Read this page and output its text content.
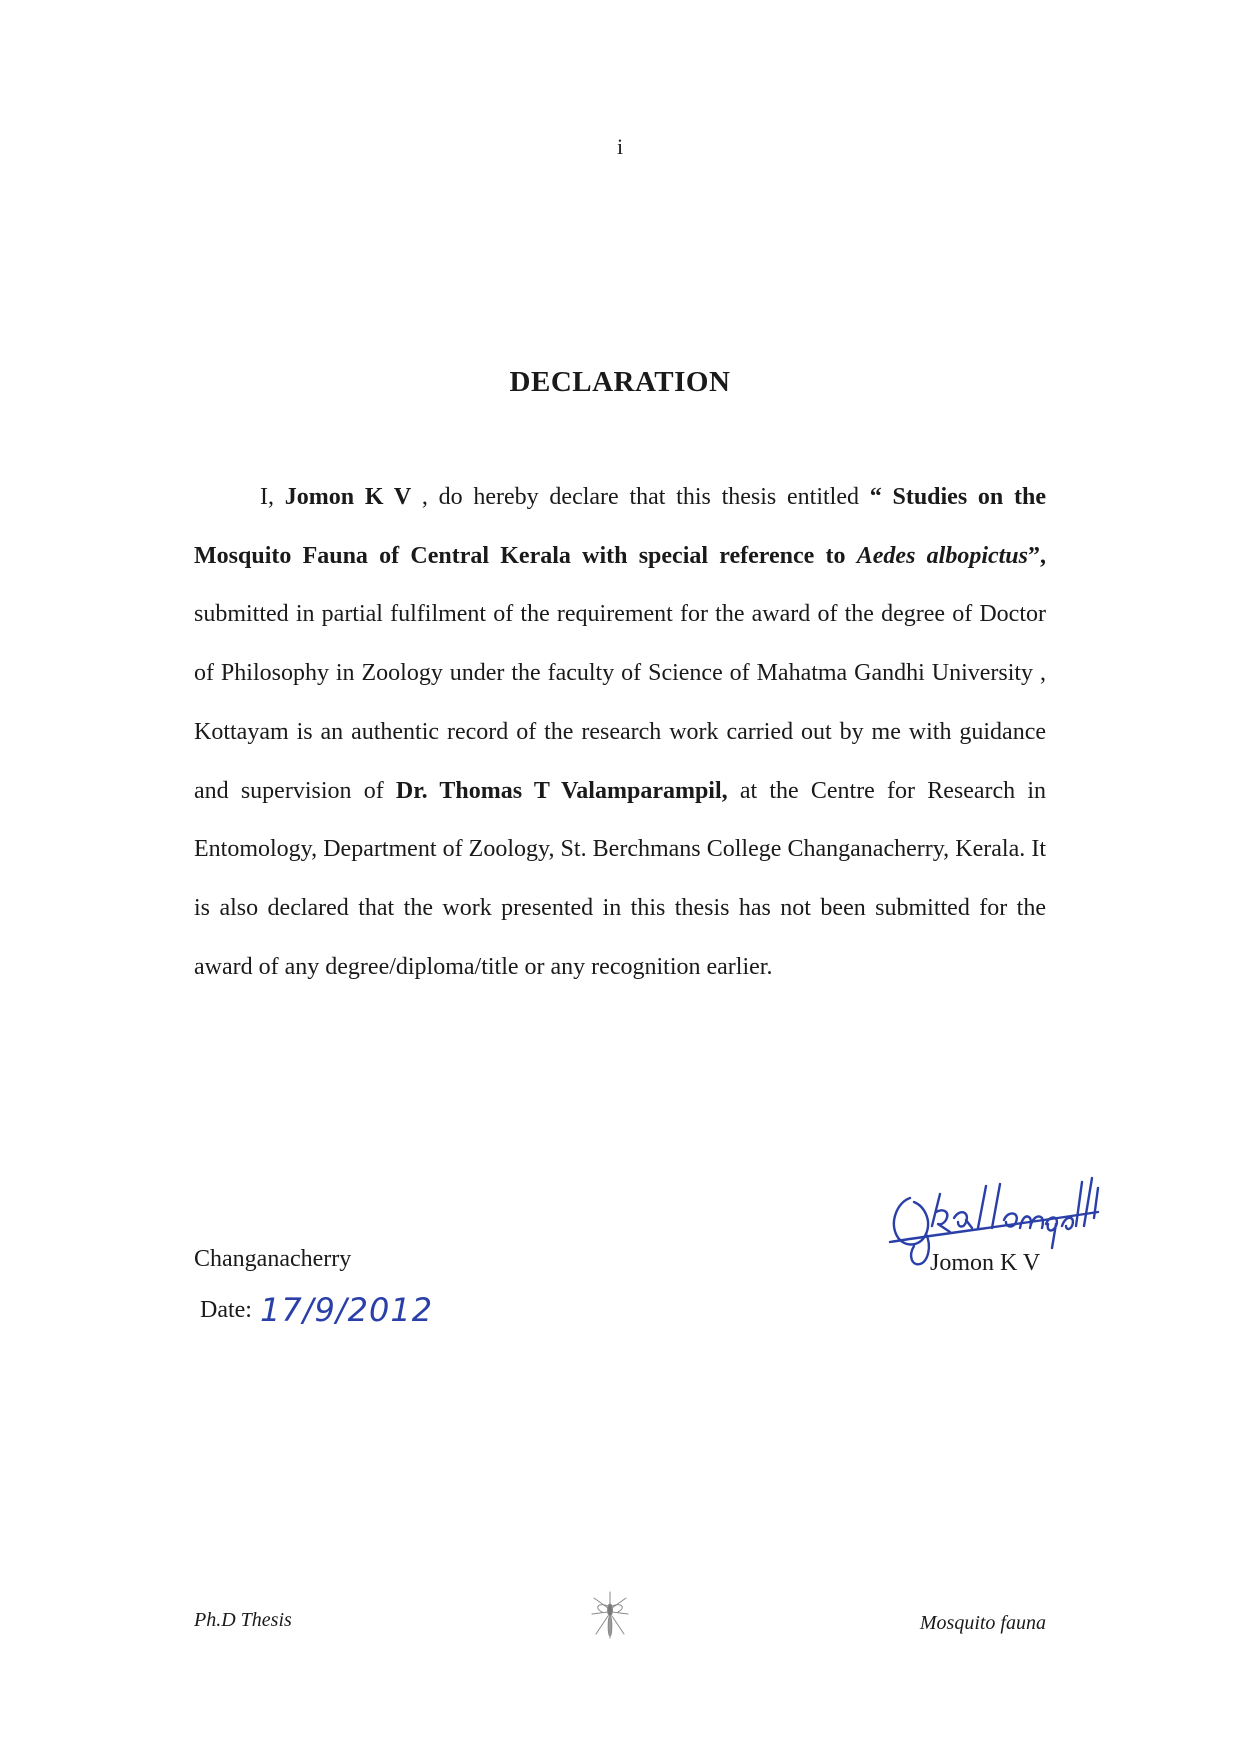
i
DECLARATION

I, Jomon K V , do hereby declare that this thesis entitled “ Studies on the Mosquito Fauna of Central Kerala with special reference to Aedes albopictus”, submitted in partial fulfilment of the requirement for the award of the degree of Doctor of Philosophy in Zoology under the faculty of Science of Mahatma Gandhi University , Kottayam is an authentic record of the research work carried out by me with guidance and supervision of Dr. Thomas T Valamparampil, at the Centre for Research in Entomology, Department of Zoology, St. Berchmans College Changanacherry, Kerala. It is also declared that the work presented in this thesis has not been submitted for the award of any degree/diploma/title or any recognition earlier.

Changanacherry
Date: 17/9/2012
Jomon K V
Ph.D Thesis	Mosquito fauna
